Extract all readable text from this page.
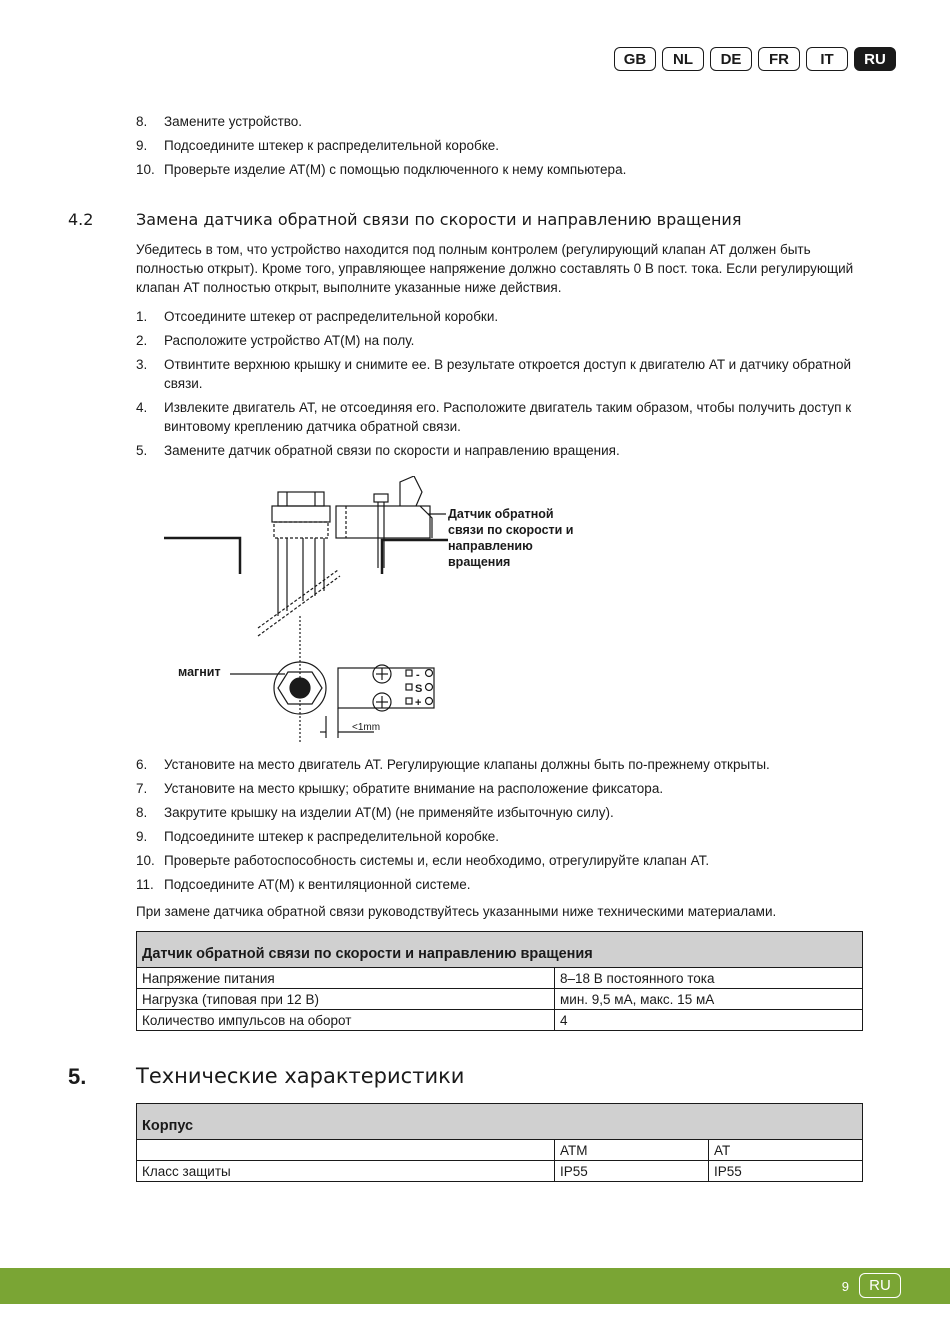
GB	NL	DE	FR	IT	RU
8. Замените устройство.
9. Подсоедините штекер к распределительной коробке.
10. Проверьте изделие AT(M) с помощью подключенного к нему компьютера.
4.2	Замена датчика обратной связи по скорости и направлению вращения

Убедитесь в том, что устройство находится под полным контролем (регулирующий клапан AT должен быть полностью открыт). Кроме того, управляющее напряжение должно составлять 0 В пост. тока. Если регулирующий клапан AT полностью открыт, выполните указанные ниже действия.

1. Отсоедините штекер от распределительной коробки.
2. Расположите устройство AT(M) на полу.
3. Отвинтите верхнюю крышку и снимите ее. В результате откроется доступ к двигателю AT и датчику обратной связи.
4. Извлеките двигатель AT, не отсоединяя его. Расположите двигатель таким образом, чтобы получить доступ к винтовому креплению датчика обратной связи.
5. Замените датчик обратной связи по скорости и направлению вращения.
-
S
+
<1mm
магнит
Датчик обратной связи по скорости и направлению вращения
6. Установите на место двигатель AT. Регулирующие клапаны должны быть по-прежнему открыты.
7. Установите на место крышку; обратите внимание на расположение фиксатора.
8. Закрутите крышку на изделии AT(M) (не применяйте избыточную силу).
9. Подсоедините штекер к распределительной коробке.
10. Проверьте работоспособность системы и, если необходимо, отрегулируйте клапан AT.
11. Подсоедините AT(M) к вентиляционной системе.

При замене датчика обратной связи руководствуйтесь указанными ниже техническими материалами.

Датчик обратной связи по скорости и направлению вращения	
Напряжение питания	8–18 В постоянного тока
Нагрузка (типовая при 12 В)	мин. 9,5 мА, макс. 15 мА
Количество импульсов на оборот	4
5. Технические характеристики
Корпус		
	ATM	AT
Класс защиты	IP55	IP55
9	RU
